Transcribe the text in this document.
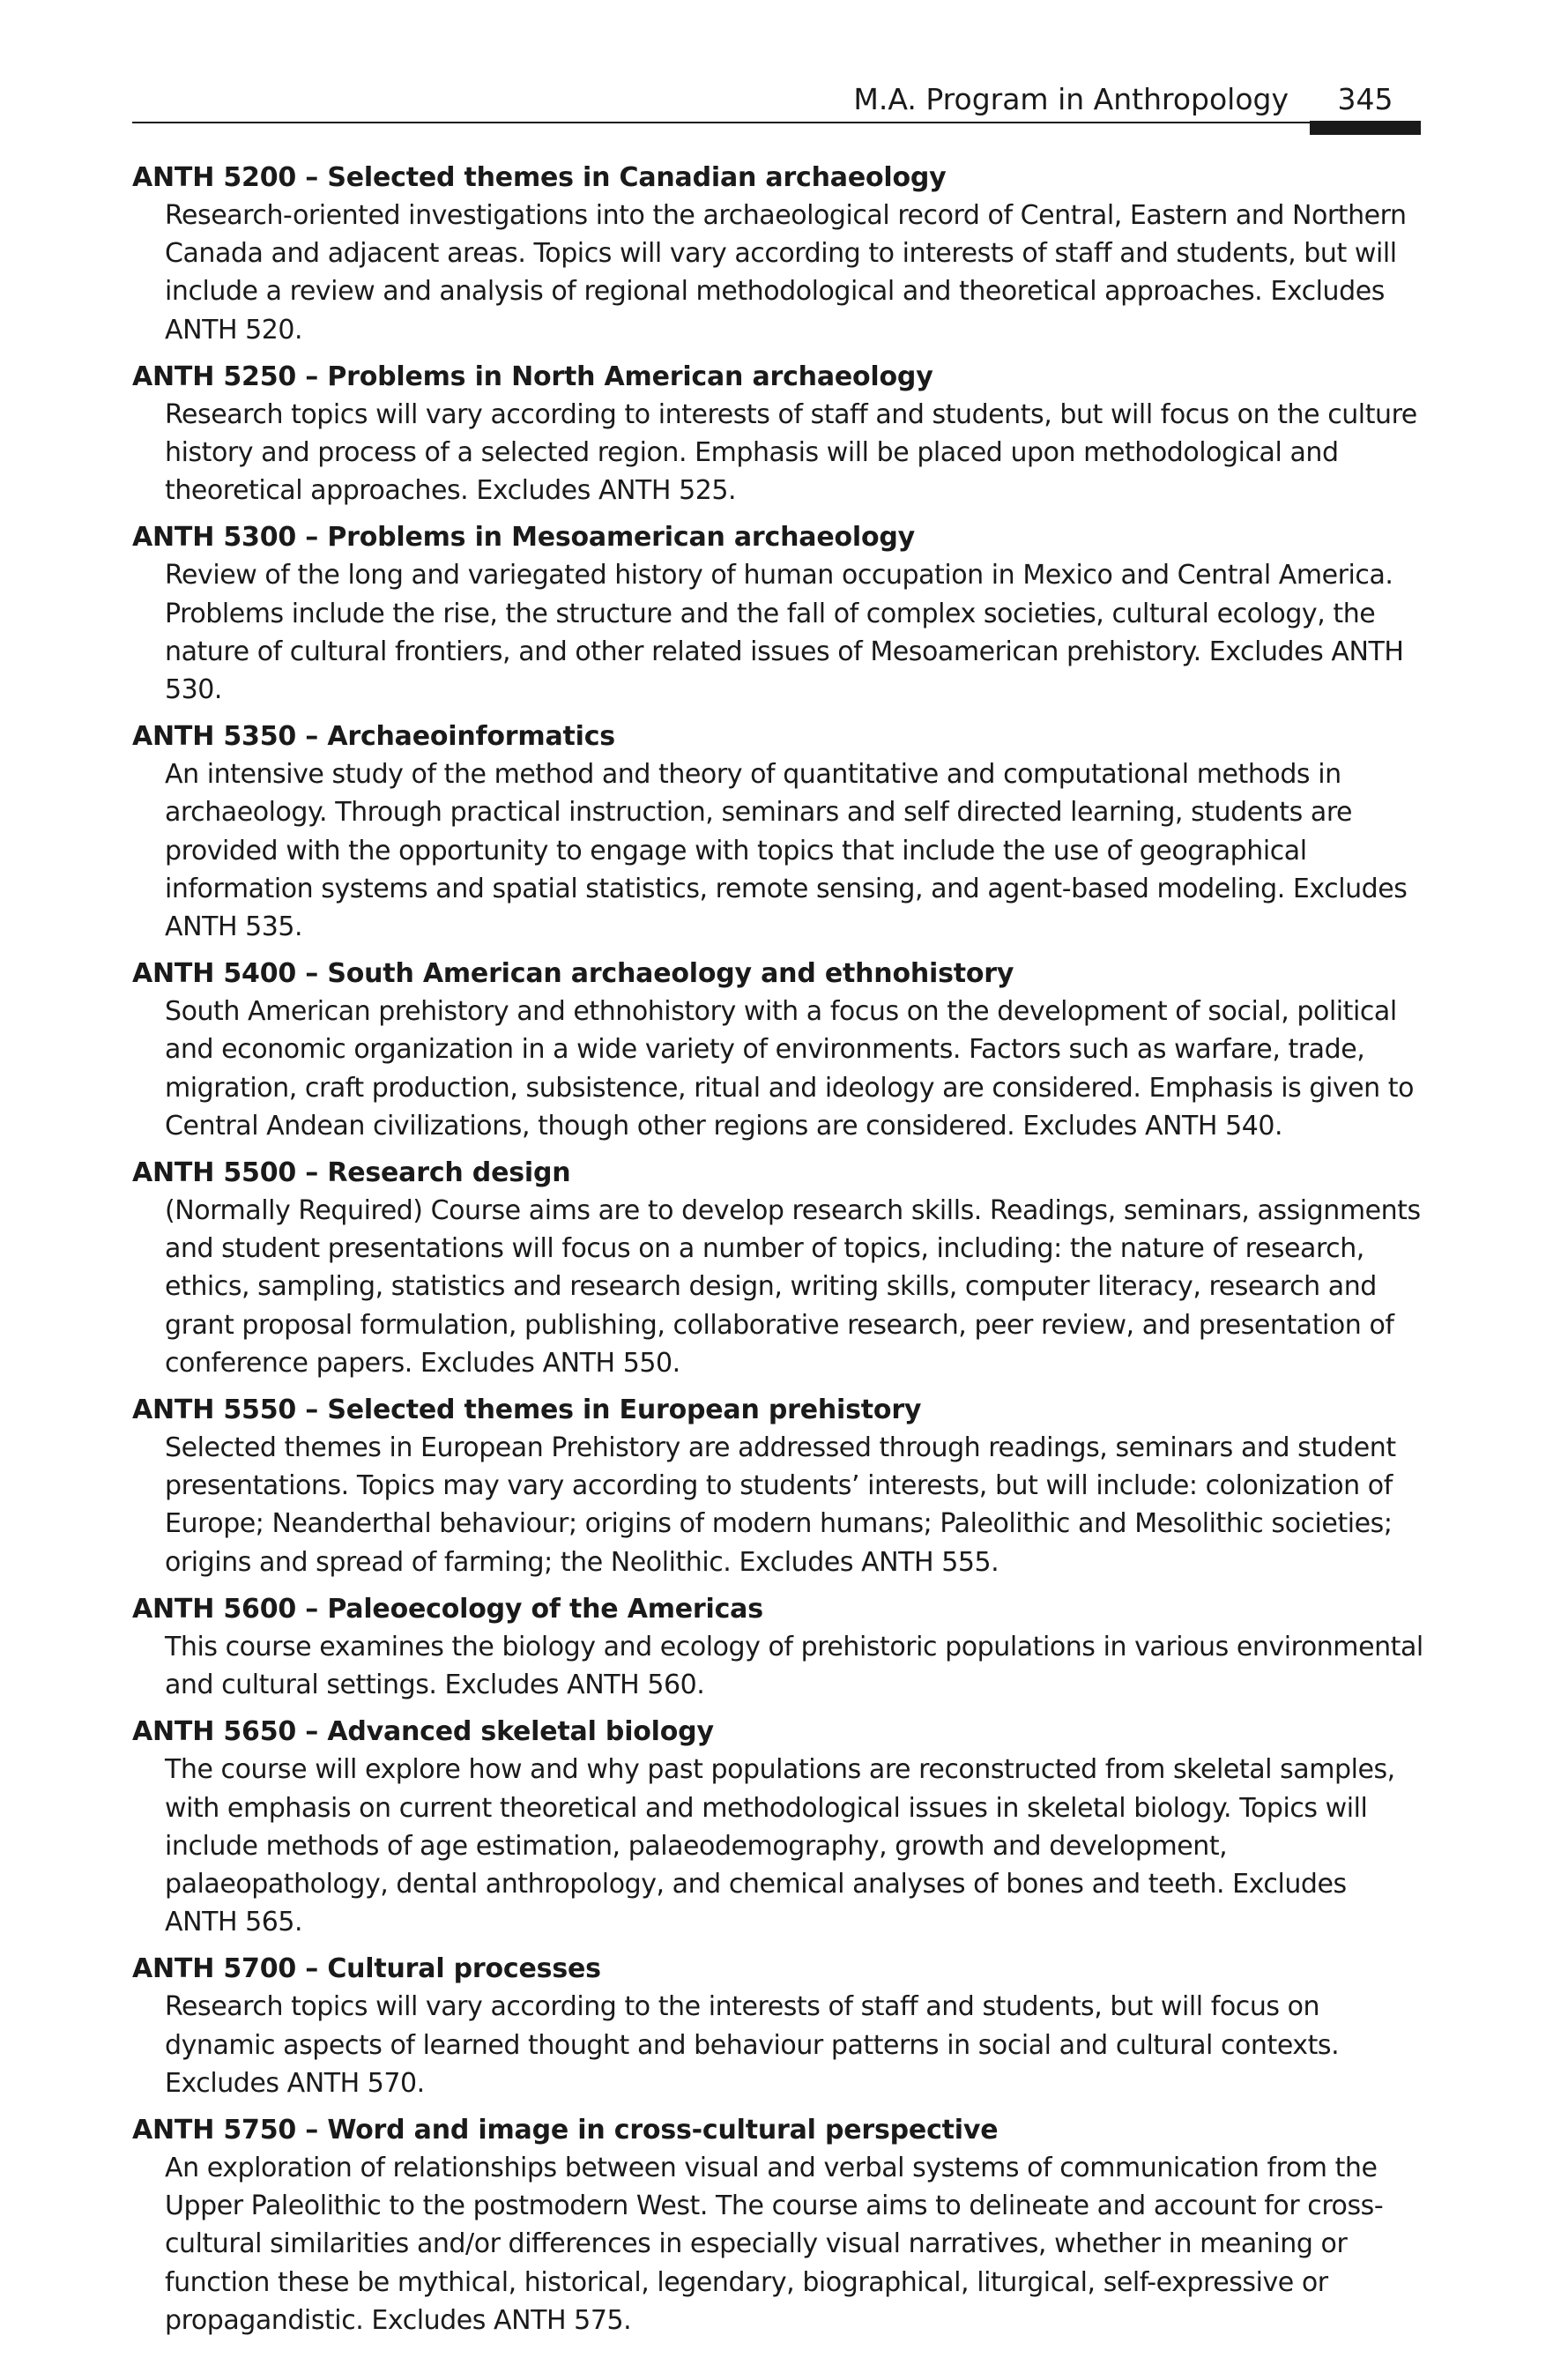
M.A. Program in Anthropology	345
ANTH 5200 – Selected themes in Canadian archaeology
Research-oriented investigations into the archaeological record of Central, Eastern and Northern Canada and adjacent areas. Topics will vary according to interests of staff and students, but will include a review and analysis of regional methodological and theoretical approaches. Excludes ANTH 520.
ANTH 5250 – Problems in North American archaeology
Research topics will vary according to interests of staff and students, but will focus on the culture history and process of a selected region. Emphasis will be placed upon methodological and theoretical approaches. Excludes ANTH 525.
ANTH 5300 – Problems in Mesoamerican archaeology
Review of the long and variegated history of human occupation in Mexico and Central America. Problems include the rise, the structure and the fall of complex societies, cultural ecology, the nature of cultural frontiers, and other related issues of Mesoamerican prehistory. Excludes ANTH 530.
ANTH 5350 – Archaeoinformatics
An intensive study of the method and theory of quantitative and computational methods in archaeology. Through practical instruction, seminars and self directed learning, students are provided with the opportunity to engage with topics that include the use of geographical information systems and spatial statistics, remote sensing, and agent-based modeling. Excludes ANTH 535.
ANTH 5400 – South American archaeology and ethnohistory
South American prehistory and ethnohistory with a focus on the development of social, political and economic organization in a wide variety of environments. Factors such as warfare, trade, migration, craft production, subsistence, ritual and ideology are considered. Emphasis is given to Central Andean civilizations, though other regions are considered. Excludes ANTH 540.
ANTH 5500 – Research design
(Normally Required) Course aims are to develop research skills. Readings, seminars, assignments and student presentations will focus on a number of topics, including: the nature of research, ethics, sampling, statistics and research design, writing skills, computer literacy, research and grant proposal formulation, publishing, collaborative research, peer review, and presentation of conference papers. Excludes ANTH 550.
ANTH 5550 – Selected themes in European prehistory
Selected themes in European Prehistory are addressed through readings, seminars and student presentations. Topics may vary according to students’ interests, but will include: colonization of Europe; Neanderthal behaviour; origins of modern humans; Paleolithic and Mesolithic societies; origins and spread of farming; the Neolithic. Excludes ANTH 555.
ANTH 5600 – Paleoecology of the Americas
This course examines the biology and ecology of prehistoric populations in various environmental and cultural settings. Excludes ANTH 560.
ANTH 5650 – Advanced skeletal biology
The course will explore how and why past populations are reconstructed from skeletal samples, with emphasis on current theoretical and methodological issues in skeletal biology. Topics will include methods of age estimation, palaeodemography, growth and development, palaeopathology, dental anthropology, and chemical analyses of bones and teeth. Excludes ANTH 565.
ANTH 5700 – Cultural processes
Research topics will vary according to the interests of staff and students, but will focus on dynamic aspects of learned thought and behaviour patterns in social and cultural contexts. Excludes ANTH 570.
ANTH 5750 – Word and image in cross-cultural perspective
An exploration of relationships between visual and verbal systems of communication from the Upper Paleolithic to the postmodern West. The course aims to delineate and account for cross-cultural similarities and/or differences in especially visual narratives, whether in meaning or function these be mythical, historical, legendary, biographical, liturgical, self-expressive or propagandistic. Excludes ANTH 575.
